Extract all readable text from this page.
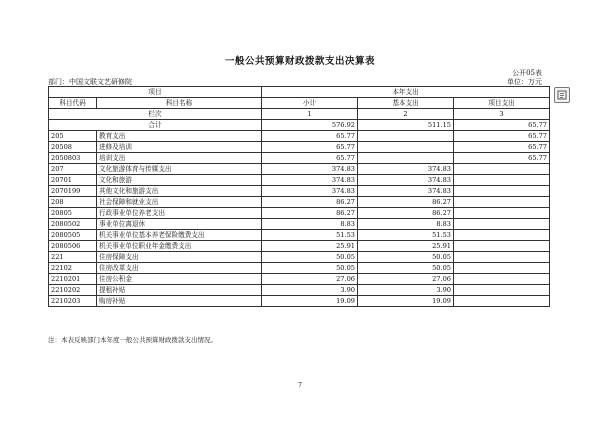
一般公共预算财政拨款支出决算表
公开05表
部门：中国文联文艺研修院	单位：万元
项目		本年支出		
科目代码	科目名称	小计	基本支出	项目支出
栏次		1	2	3
合计		576.92	511.15	65.77
205	教育支出	65.77		65.77
20508	进修及培训	65.77		65.77
2050803	培训支出	65.77		65.77
207	文化旅游体育与传媒支出	374.83	374.83	
20701	文化和旅游	374.83	374.83	
2070199	其他文化和旅游支出	374.83	374.83	
208	社会保障和就业支出	86.27	86.27	
20805	行政事业单位养老支出	86.27	86.27	
2080502	事业单位离退休	8.83	8.83	
2080505	机关事业单位基本养老保险缴费支出	51.53	51.53	
2080506	机关事业单位职业年金缴费支出	25.91	25.91	
221	住房保障支出	50.05	50.05	
22102	住房改革支出	50.05	50.05	
2210201	住房公积金	27.06	27.06	
2210202	提租补贴	3.90	3.90	
2210203	购房补贴	19.09	19.09	
注：本表反映部门本年度一般公共预算财政拨款支出情况。
7
